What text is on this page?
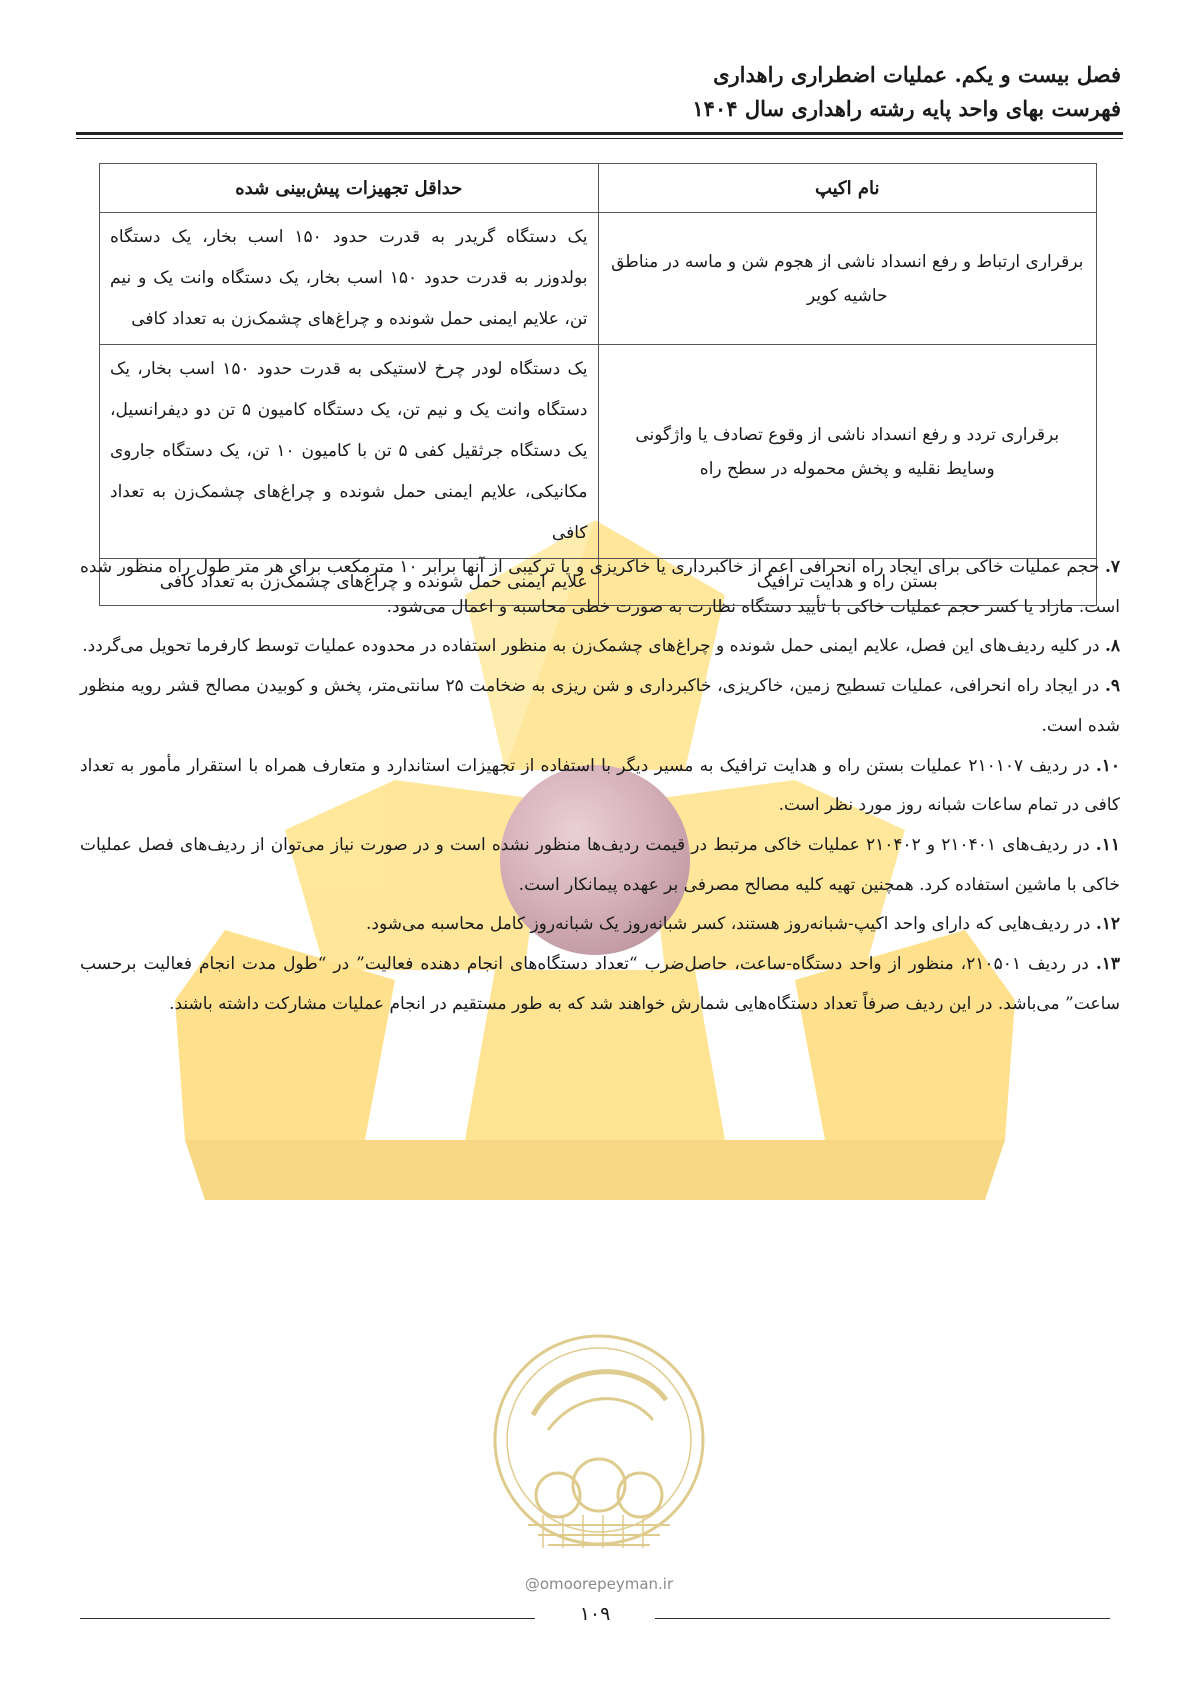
فصل بیست و یکم. عملیات اضطراری راهداری
فهرست بهای واحد پایه رشته راهداری سال ۱۴۰۴
نام اکیپ	حداقل تجهیزات پیش‌بینی شده
برقراری ارتباط و رفع انسداد ناشی از هجوم شن و ماسه در مناطق حاشیه کویر	یک دستگاه گریدر به قدرت حدود ۱۵۰ اسب بخار، یک دستگاه بولدوزر به قدرت حدود ۱۵۰ اسب بخار، یک دستگاه وانت یک و نیم تن، علایم ایمنی حمل شونده و چراغ‌های چشمک‌زن به تعداد کافی
برقراری تردد و رفع انسداد ناشی از وقوع تصادف یا واژگونی وسایط نقلیه و پخش محموله در سطح راه	یک دستگاه لودر چرخ لاستیکی به قدرت حدود ۱۵۰ اسب بخار، یک دستگاه وانت یک و نیم تن، یک دستگاه کامیون ۵ تن دو دیفرانسیل، یک دستگاه جرثقیل کفی ۵ تن با کامیون ۱۰ تن، یک دستگاه جاروی مکانیکی، علایم ایمنی حمل شونده و چراغ‌های چشمک‌زن به تعداد کافی
بستن راه و هدایت ترافیک	علایم ایمنی حمل شونده و چراغ‌های چشمک‌زن به تعداد کافی

۷. حجم عملیات خاکی برای ایجاد راه انحرافی اعم از خاکبرداری یا خاکریزی و یا ترکیبی از آنها برابر ۱۰ مترمکعب برای هر متر طول راه منظور شده است. مازاد یا کسر حجم عملیات خاکی با تأیید دستگاه نظارت به صورت خطی محاسبه و اعمال می‌شود.

۸. در کلیه ردیف‌های این فصل، علایم ایمنی حمل شونده و چراغ‌های چشمک‌زن به منظور استفاده در محدوده عملیات توسط کارفرما تحویل می‌گردد.

۹. در ایجاد راه انحرافی، عملیات تسطیح زمین، خاکریزی، خاکبرداری و شن ریزی به ضخامت ۲۵ سانتی‌متر، پخش و کوبیدن مصالح قشر رویه منظور شده است.

۱۰. در ردیف ۲۱۰۱۰۷ عملیات بستن راه و هدایت ترافیک به مسیر دیگر با استفاده از تجهیزات استاندارد و متعارف همراه با استقرار مأمور به تعداد کافی در تمام ساعات شبانه روز مورد نظر است.

۱۱. در ردیف‌های ۲۱۰۴۰۱ و ۲۱۰۴۰۲ عملیات خاکی مرتبط در قیمت ردیف‌ها منظور نشده است و در صورت نیاز می‌توان از ردیف‌های فصل عملیات خاکی با ماشین استفاده کرد. همچنین تهیه کلیه مصالح مصرفی بر عهده پیمانکار است.

۱۲. در ردیف‌هایی که دارای واحد اکیپ-شبانه‌روز هستند، کسر شبانه‌روز یک شبانه‌روز کامل محاسبه می‌شود.

۱۳. در ردیف ۲۱۰۵۰۱، منظور از واحد دستگاه-ساعت، حاصل‌ضرب “تعداد دستگاه‌های انجام دهنده فعالیت” در “طول مدت انجام فعالیت برحسب ساعت” می‌باشد. در این ردیف صرفاً تعداد دستگاه‌هایی شمارش خواهند شد که به طور مستقیم در انجام عملیات مشارکت داشته باشند.

@omoorepeyman.ir
۱۰۹
